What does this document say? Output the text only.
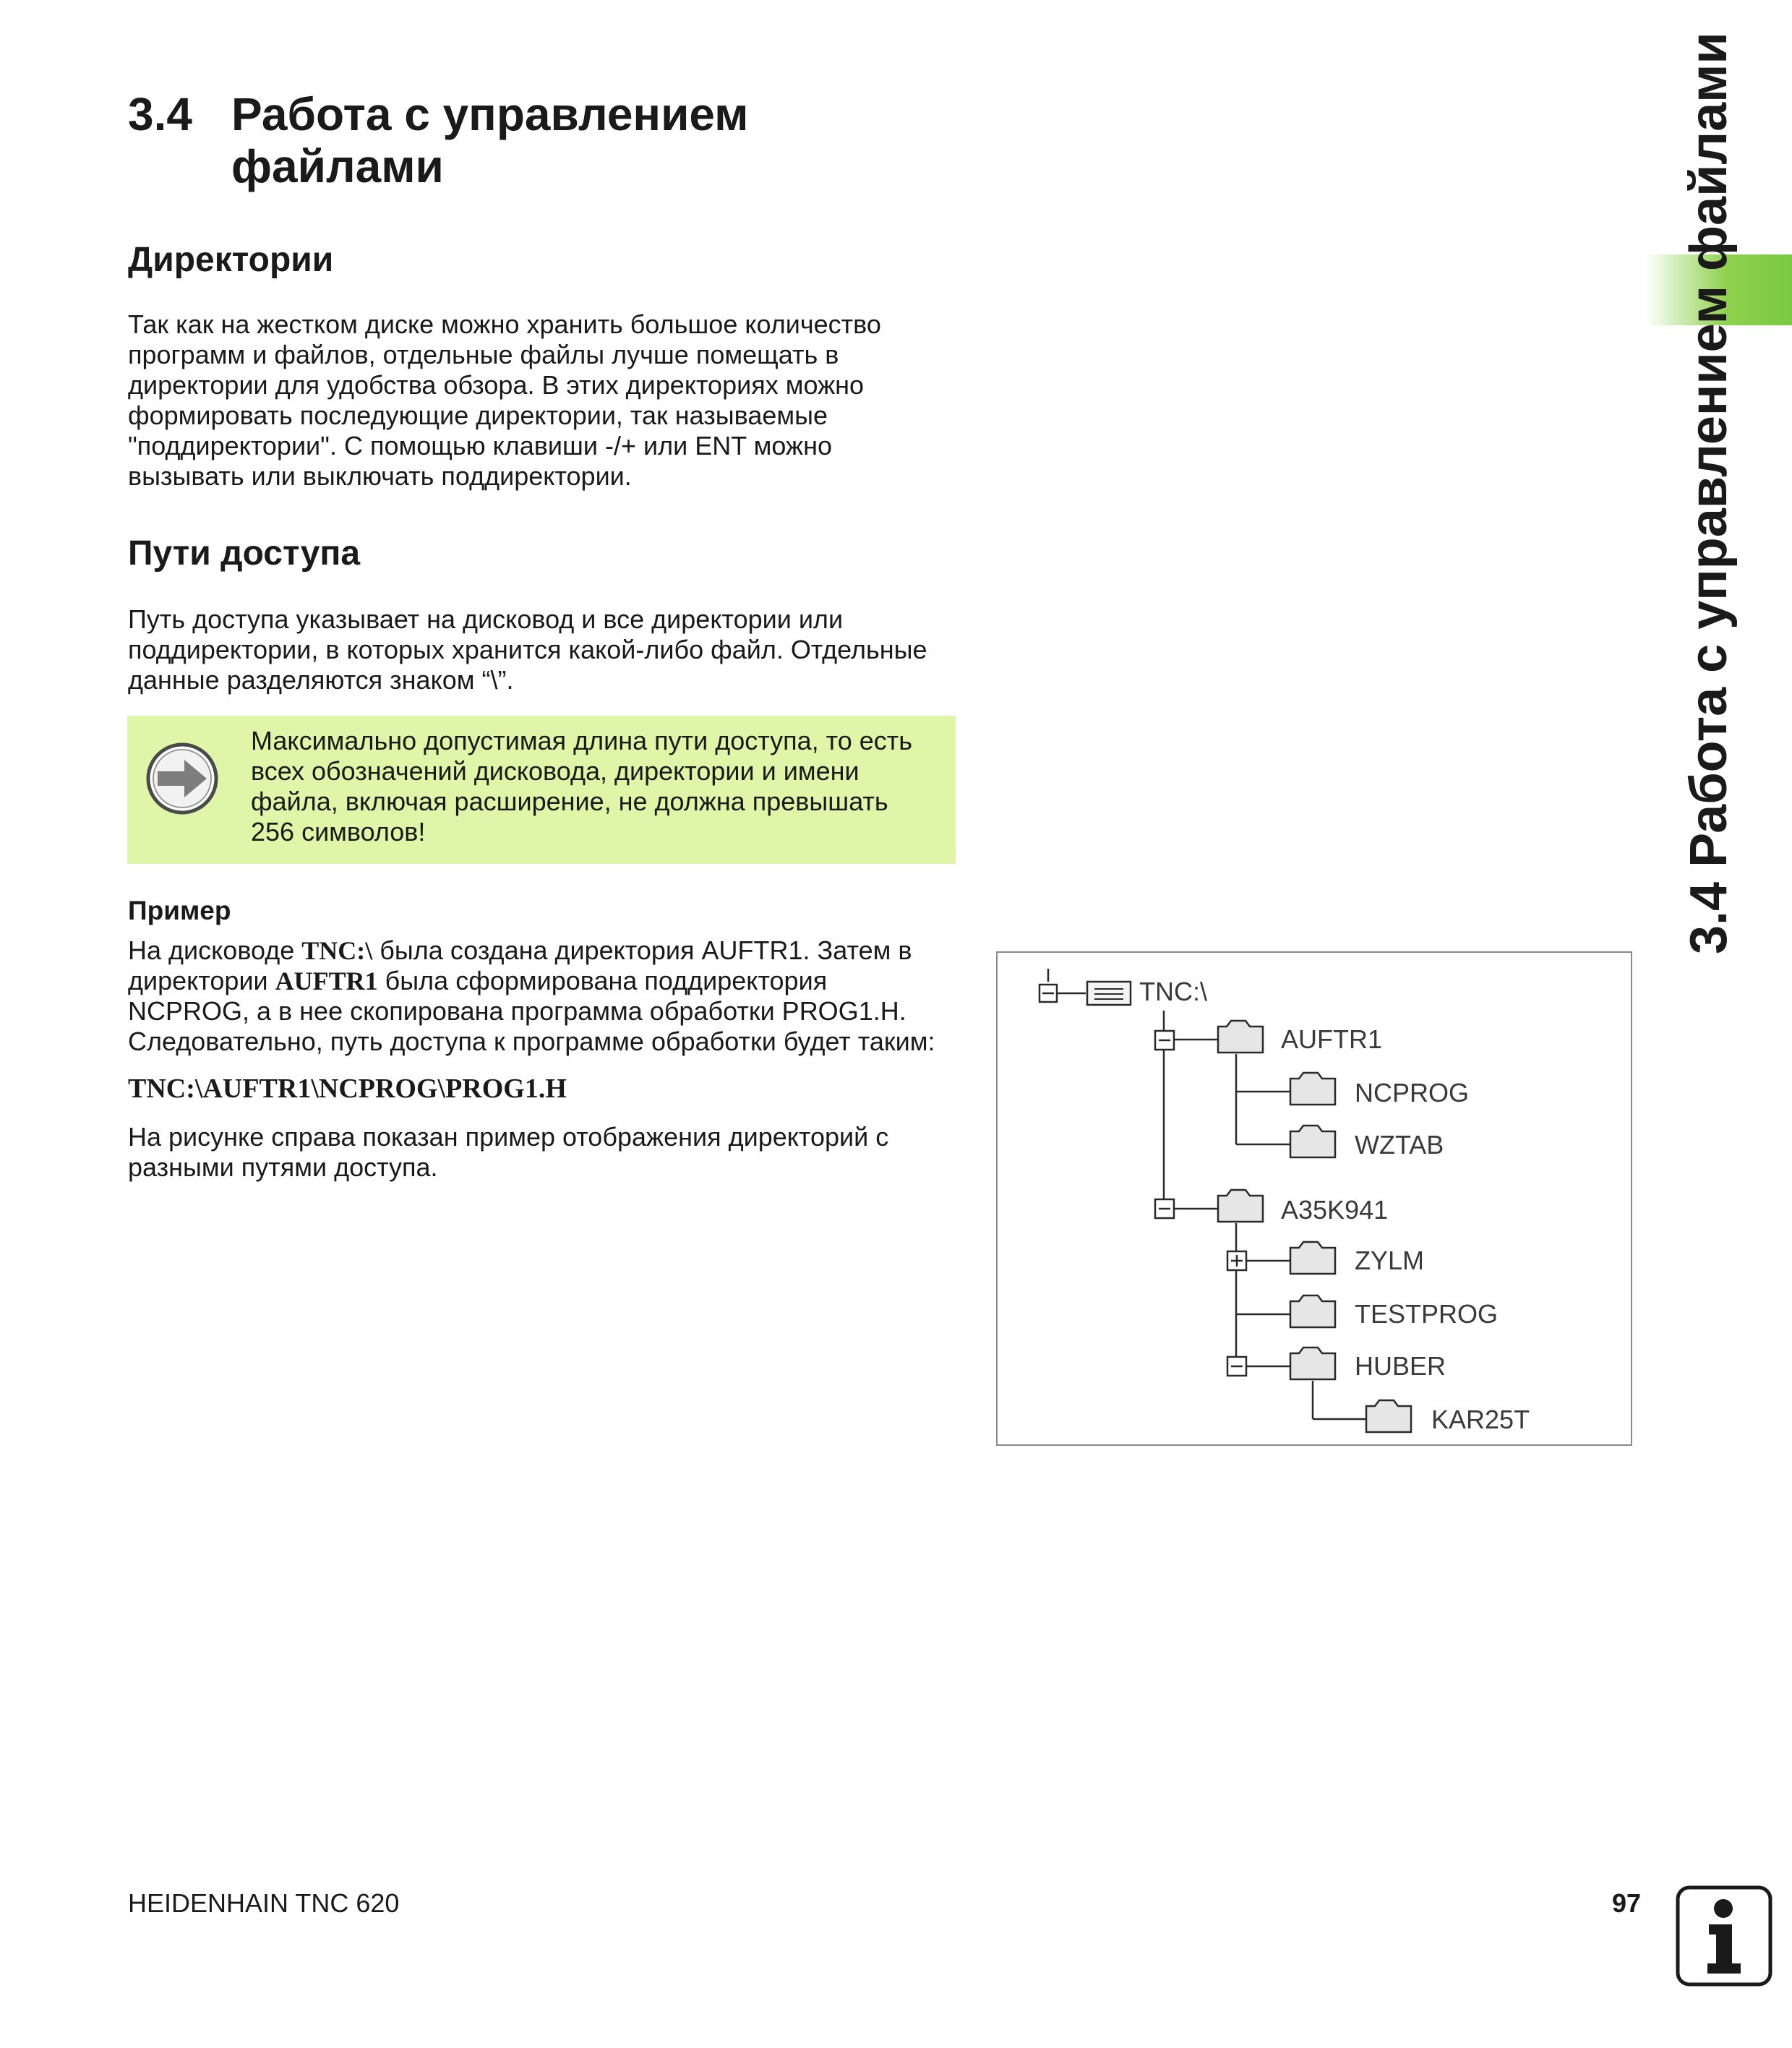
3.4 Работа с управлением
файлами
Директории

Так как на жестком диске можно хранить большое количество

программ и файлов, отдельные файлы лучше помещать в

директории для удобства обзора. В этих директориях можно

формировать последующие директории, так называемые

"поддиректории". С помощью клавиши -/+ или ENT можно

вызывать или выключать поддиректории.

Пути доступа

Путь доступа указывает на дисковод и все директории или

поддиректории, в которых хранится какой-либо файл. Отдельные

данные разделяются знаком “\”.

Максимально допустимая длина пути доступа, то есть
всех обозначений дисковода, директории и имени
файла, включая расширение, не должна превышать
256 символов!
Пример

На дисководе TNC:\ была создана директория AUFTR1. Затем в

директории AUFTR1 была сформирована поддиректория

NCPROG, а в нее скопирована программа обработки PROG1.H.

Следовательно, путь доступа к программе обработки будет таким:

TNC:\AUFTR1\NCPROG\PROG1.H

На рисунке справа показан пример отображения директорий с

разными путями доступа.

TNC:\
AUFTR1
NCPROG
WZTAB
A35K941
ZYLM
TESTPROG
HUBER
KAR25T
3.4 Работа с управлением файлами
HEIDENHAIN TNC 620	97
